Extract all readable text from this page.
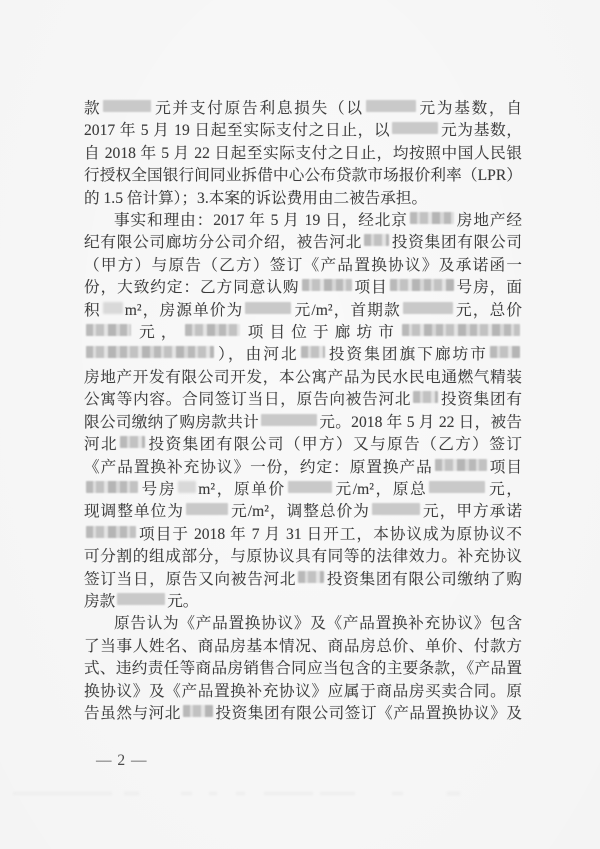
款	元并支付原告利息损失（以	元为基数，自
2017 年 5 月 19 日起至实际支付之日止，以	元为基数，
自 2018 年 5 月 22 日起至实际支付之日止，均按照中国人民银
行授权全国银行间同业拆借中心公布贷款市场报价利率（LPR）
的 1.5 倍计算）；3.本案的诉讼费用由二被告承担。
事实和理由：2017 年 5 月 19 日，经北京	房地产经
纪有限公司廊坊分公司介绍，被告河北 投资集团有限公司
（甲方）与原告（乙方）签订《产品置换协议》及承诺函一
份，大致约定：乙方同意认购	项目	号房，面
积 m²，房源单价为	元/m²，首期款	元，总价
元，	项目位于廊坊市
），由河北 投资集团旗下廊坊市
房地产开发有限公司开发，本公寓产品为民水民电通燃气精装
公寓等内容。合同签订当日，原告向被告河北 投资集团有
限公司缴纳了购房款共计	元。2018 年 5 月 22 日，被告
河北 投资集团有限公司（甲方）又与原告（乙方）签订
《产品置换补充协议》一份，约定：原置换产品	项目
号房 m²，原单价	元/m²，原总	元，
现调整单位为	元/m²，调整总价为	元，甲方承诺
项目于 2018 年 7 月 31 日开工，本协议成为原协议不
可分割的组成部分，与原协议具有同等的法律效力。补充协议
签订当日，原告又向被告河北 投资集团有限公司缴纳了购
房款	元。
原告认为《产品置换协议》及《产品置换补充协议》包含
了当事人姓名、商品房基本情况、商品房总价、单价、付款方
式、违约责任等商品房销售合同应当包含的主要条款，《产品置
换协议》及《产品置换补充协议》应属于商品房买卖合同。原
告虽然与河北 投资集团有限公司签订《产品置换协议》及
— 2 —
